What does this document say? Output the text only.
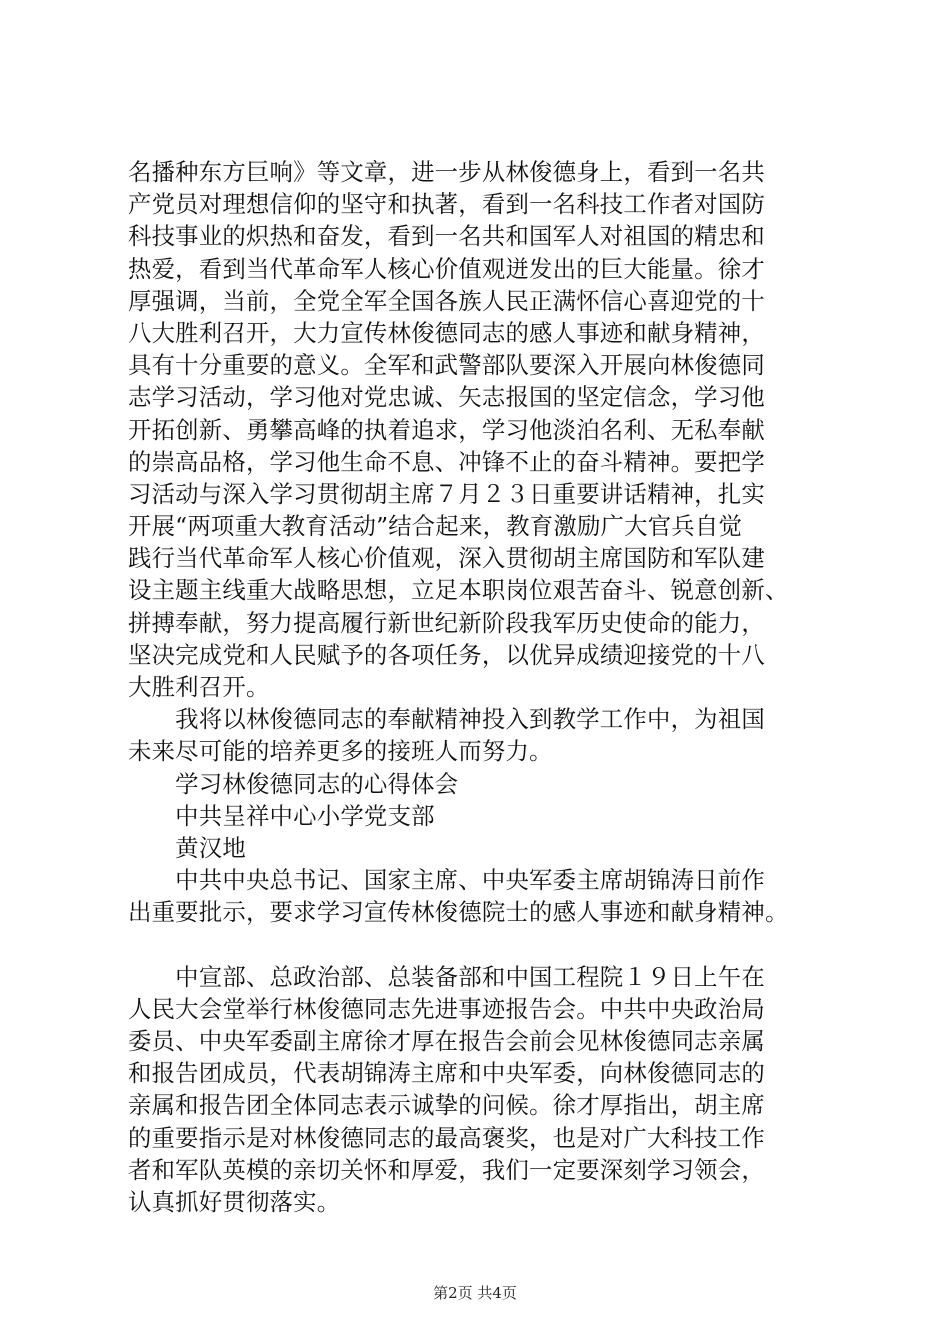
名播种东方巨响》等文章，进一步从林俊德身上，看到一名共
产党员对理想信仰的坚守和执著，看到一名科技工作者对国防
科技事业的炽热和奋发，看到一名共和国军人对祖国的精忠和
热爱，看到当代革命军人核心价值观迸发出的巨大能量。徐才
厚强调，当前，全党全军全国各族人民正满怀信心喜迎党的十
八大胜利召开，大力宣传林俊德同志的感人事迹和献身精神，
具有十分重要的意义。全军和武警部队要深入开展向林俊德同
志学习活动，学习他对党忠诚、矢志报国的坚定信念，学习他
开拓创新、勇攀高峰的执着追求，学习他淡泊名利、无私奉献
的崇高品格，学习他生命不息、冲锋不止的奋斗精神。要把学
习活动与深入学习贯彻胡主席７月２３日重要讲话精神，扎实
开展“两项重大教育活动”结合起来，教育激励广大官兵自觉
践行当代革命军人核心价值观，深入贯彻胡主席国防和军队建
设主题主线重大战略思想，立足本职岗位艰苦奋斗、锐意创新、
拼搏奉献，努力提高履行新世纪新阶段我军历史使命的能力，
坚决完成党和人民赋予的各项任务，以优异成绩迎接党的十八
大胜利召开。
　　我将以林俊德同志的奉献精神投入到教学工作中，为祖国
未来尽可能的培养更多的接班人而努力。
　　学习林俊德同志的心得体会
　　中共呈祥中心小学党支部
　　黄汉地
　　中共中央总书记、国家主席、中央军委主席胡锦涛日前作
出重要批示，要求学习宣传林俊德院士的感人事迹和献身精神。
　　中宣部、总政治部、总装备部和中国工程院１９日上午在
人民大会堂举行林俊德同志先进事迹报告会。中共中央政治局
委员、中央军委副主席徐才厚在报告会前会见林俊德同志亲属
和报告团成员，代表胡锦涛主席和中央军委，向林俊德同志的
亲属和报告团全体同志表示诚挚的问候。徐才厚指出，胡主席
的重要指示是对林俊德同志的最高褒奖，也是对广大科技工作
者和军队英模的亲切关怀和厚爱，我们一定要深刻学习领会，
认真抓好贯彻落实。
第2页 共4页
